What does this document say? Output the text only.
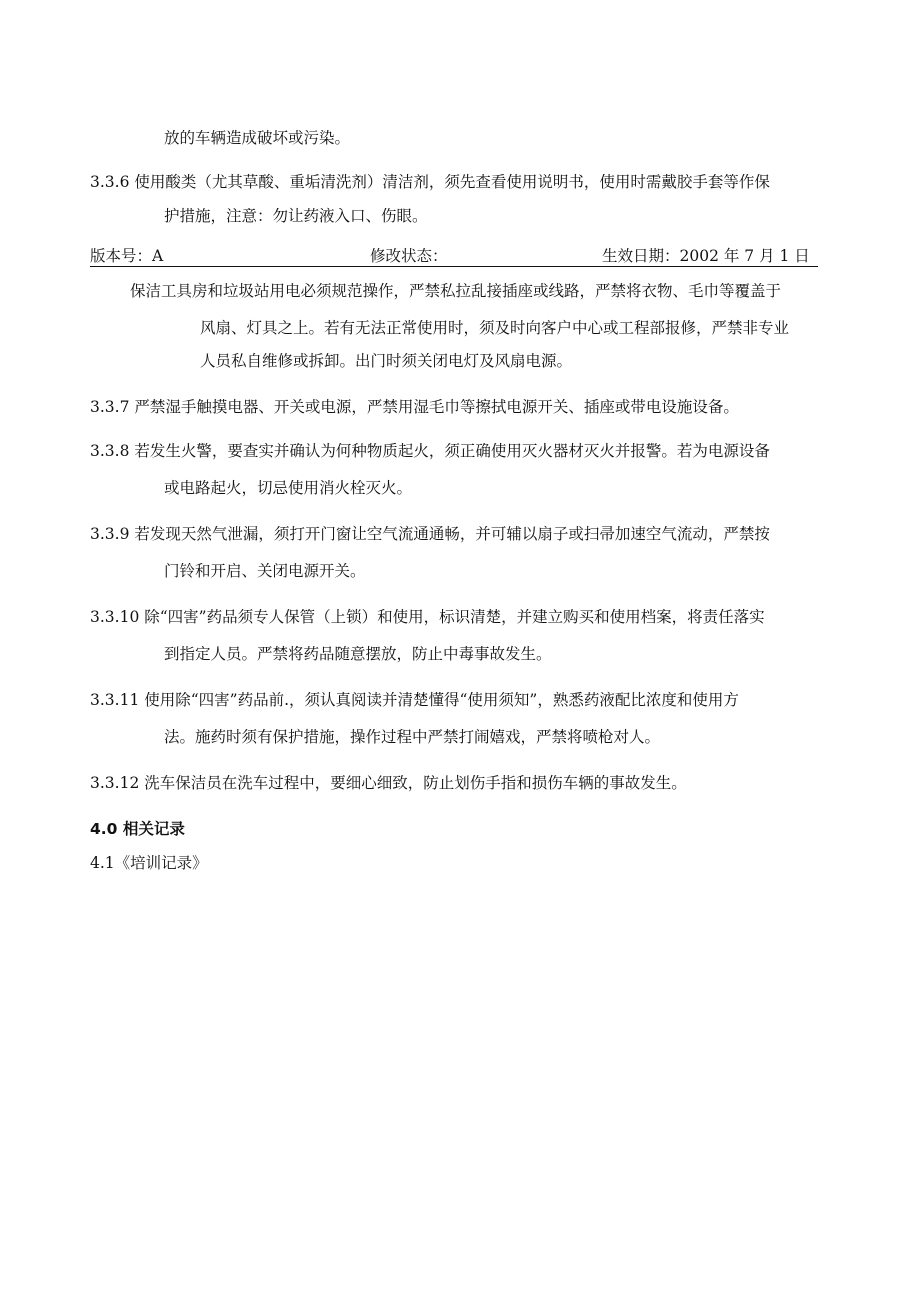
放的车辆造成破坏或污染。
3.3.6 使用酸类（尤其草酸、重垢清洗剂）清洁剂，须先查看使用说明书，使用时需戴胶手套等作保
护措施，注意：勿让药液入口、伤眼。
版本号：A	修改状态：	生效日期：2002 年 7 月 1 日
保洁工具房和垃圾站用电必须规范操作，严禁私拉乱接插座或线路，严禁将衣物、毛巾等覆盖于
风扇、灯具之上。若有无法正常使用时，须及时向客户中心或工程部报修，严禁非专业
人员私自维修或拆卸。出门时须关闭电灯及风扇电源。
3.3.7 严禁湿手触摸电器、开关或电源，严禁用湿毛巾等擦拭电源开关、插座或带电设施设备。
3.3.8 若发生火警，要查实并确认为何种物质起火，须正确使用灭火器材灭火并报警。若为电源设备
或电路起火，切忌使用消火栓灭火。
3.3.9 若发现天然气泄漏，须打开门窗让空气流通通畅，并可辅以扇子或扫帚加速空气流动，严禁按
门铃和开启、关闭电源开关。
3.3.10 除“四害”药品须专人保管（上锁）和使用，标识清楚，并建立购买和使用档案，将责任落实
到指定人员。严禁将药品随意摆放，防止中毒事故发生。
3.3.11 使用除“四害”药品前.，须认真阅读并清楚懂得“使用须知”，熟悉药液配比浓度和使用方
法。施药时须有保护措施，操作过程中严禁打闹嬉戏，严禁将喷枪对人。
3.3.12 洗车保洁员在洗车过程中，要细心细致，防止划伤手指和损伤车辆的事故发生。
4.0 相关记录
4.1《培训记录》
